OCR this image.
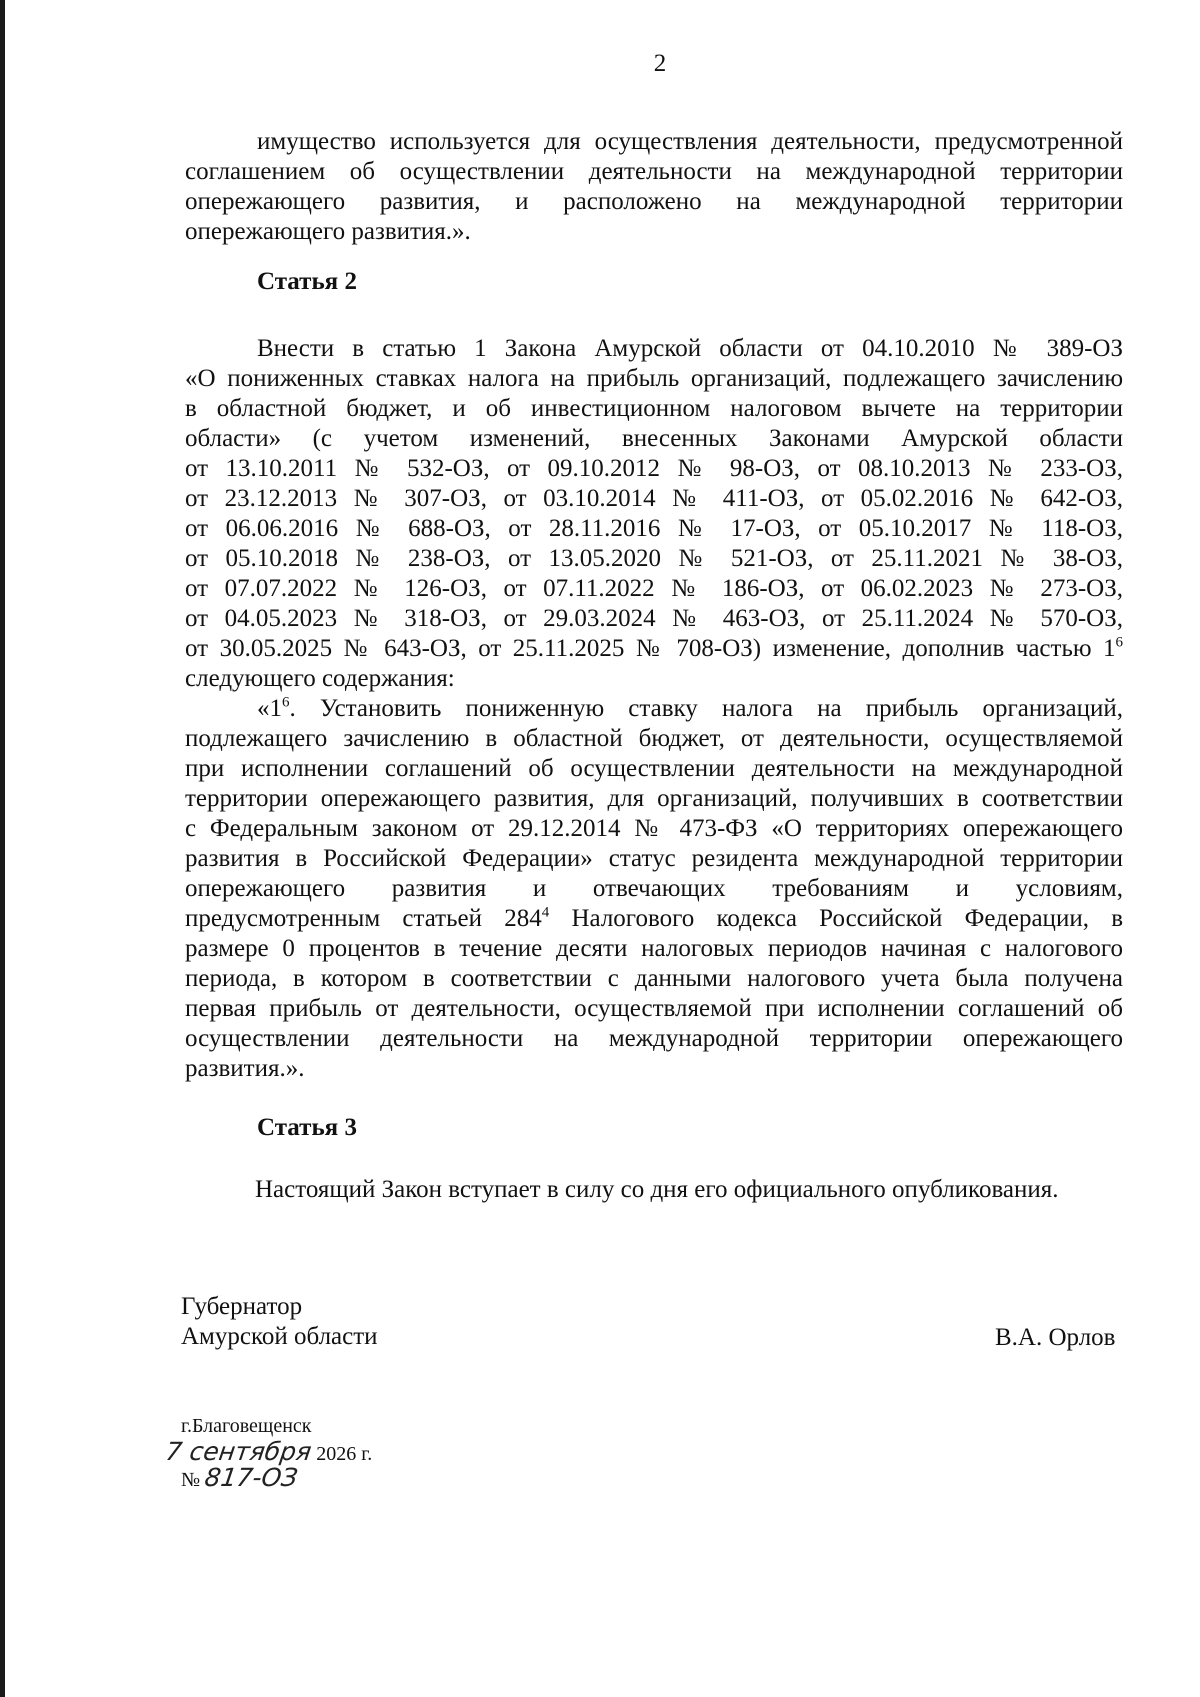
2
имущество используется для осуществления деятельности, предусмотренной
соглашением об осуществлении деятельности на международной территории
опережающего развития, и расположено на международной территории
опережающего развития.».
Статья 2
Внести в статью 1 Закона Амурской области от 04.10.2010 № 389-ОЗ
«О пониженных ставках налога на прибыль организаций, подлежащего зачислению
в областной бюджет, и об инвестиционном налоговом вычете на территории
области» (с учетом изменений, внесенных Законами Амурской области
от 13.10.2011 № 532-ОЗ, от 09.10.2012 № 98-ОЗ, от 08.10.2013 № 233-ОЗ,
от 23.12.2013 № 307-ОЗ, от 03.10.2014 № 411-ОЗ, от 05.02.2016 № 642-ОЗ,
от 06.06.2016 № 688-ОЗ, от 28.11.2016 № 17-ОЗ, от 05.10.2017 № 118-ОЗ,
от 05.10.2018 № 238-ОЗ, от 13.05.2020 № 521-ОЗ, от 25.11.2021 № 38-ОЗ,
от 07.07.2022 № 126-ОЗ, от 07.11.2022 № 186-ОЗ, от 06.02.2023 № 273-ОЗ,
от 04.05.2023 № 318-ОЗ, от 29.03.2024 № 463-ОЗ, от 25.11.2024 № 570-ОЗ,
от 30.05.2025 № 643-ОЗ, от 25.11.2025 № 708-ОЗ) изменение, дополнив частью $1^6$
следующего содержания:
«$1^6$. Установить пониженную ставку налога на прибыль организаций,
подлежащего зачислению в областной бюджет, от деятельности, осуществляемой
при исполнении соглашений об осуществлении деятельности на международной
территории опережающего развития, для организаций, получивших в соответствии
с Федеральным законом от 29.12.2014 № 473-ФЗ «О территориях опережающего
развития в Российской Федерации» статус резидента международной территории
опережающего развития и отвечающих требованиям и условиям,
предусмотренным статьей $284^4$ Налогового кодекса Российской Федерации, в
размере 0 процентов в течение десяти налоговых периодов начиная с налогового
периода, в котором в соответствии с данными налогового учета была получена
первая прибыль от деятельности, осуществляемой при исполнении соглашений об
осуществлении деятельности на международной территории опережающего
развития.».
Статья 3
Настоящий Закон вступает в силу со дня его официального опубликования.
Губернатор
Амурской области	В.А. Орлов
г.Благовещенск
7 сентября 2026 г.
№ 817-ОЗ
